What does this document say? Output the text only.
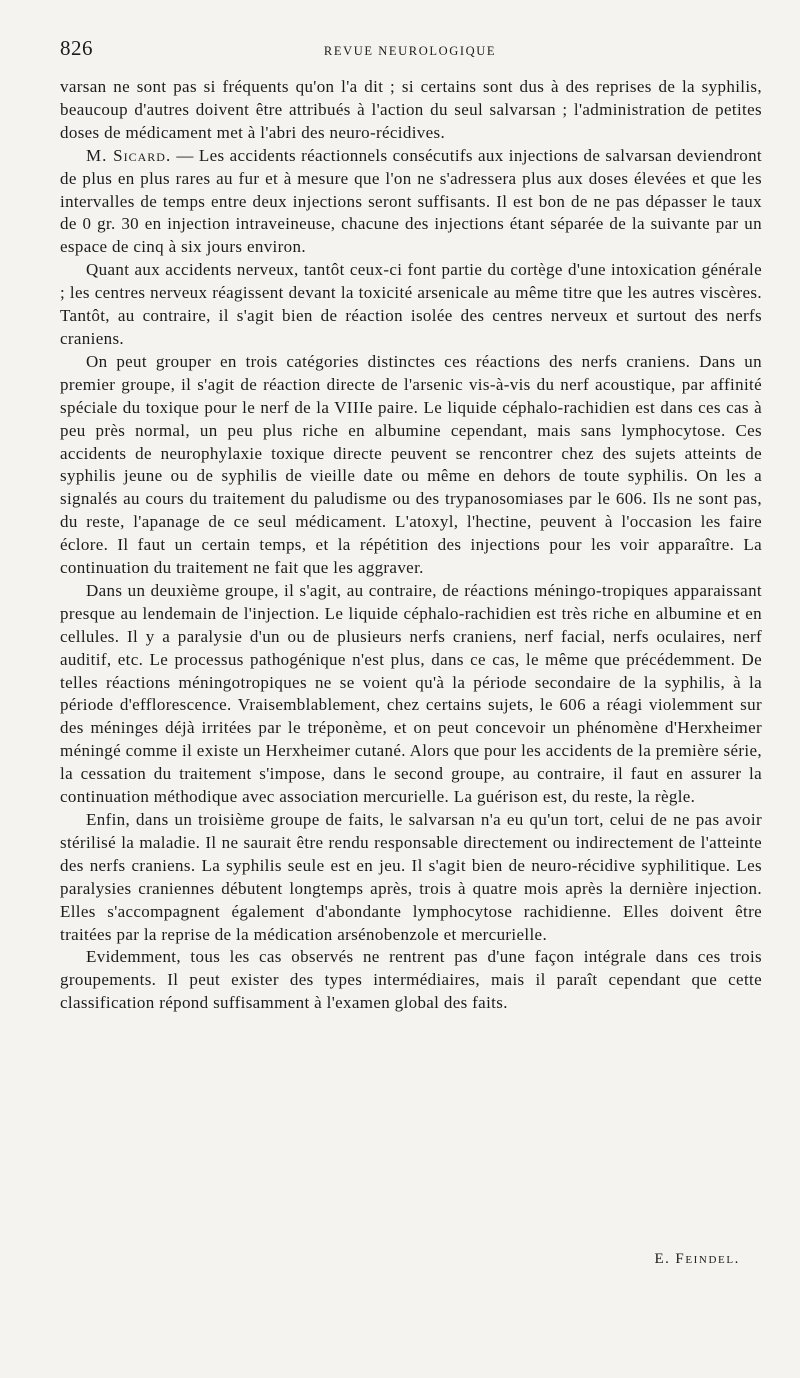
826	REVUE NEUROLOGIQUE

varsan ne sont pas si fréquents qu'on l'a dit ; si certains sont dus à des reprises de la syphilis, beaucoup d'autres doivent être attribués à l'action du seul salvarsan ; l'administration de petites doses de médicament met à l'abri des neuro-récidives.

M. Sicard. — Les accidents réactionnels consécutifs aux injections de salvarsan deviendront de plus en plus rares au fur et à mesure que l'on ne s'adressera plus aux doses élevées et que les intervalles de temps entre deux injections seront suffisants. Il est bon de ne pas dépasser le taux de 0 gr. 30 en injection intraveineuse, chacune des injections étant séparée de la suivante par un espace de cinq à six jours environ.

Quant aux accidents nerveux, tantôt ceux-ci font partie du cortège d'une intoxication générale ; les centres nerveux réagissent devant la toxicité arsenicale au même titre que les autres viscères. Tantôt, au contraire, il s'agit bien de réaction isolée des centres nerveux et surtout des nerfs craniens.

On peut grouper en trois catégories distinctes ces réactions des nerfs craniens. Dans un premier groupe, il s'agit de réaction directe de l'arsenic vis-à-vis du nerf acoustique, par affinité spéciale du toxique pour le nerf de la VIIIe paire. Le liquide céphalo-rachidien est dans ces cas à peu près normal, un peu plus riche en albumine cependant, mais sans lymphocytose. Ces accidents de neurophylaxie toxique directe peuvent se rencontrer chez des sujets atteints de syphilis jeune ou de syphilis de vieille date ou même en dehors de toute syphilis. On les a signalés au cours du traitement du paludisme ou des trypanosomiases par le 606. Ils ne sont pas, du reste, l'apanage de ce seul médicament. L'atoxyl, l'hectine, peuvent à l'occasion les faire éclore. Il faut un certain temps, et la répétition des injections pour les voir apparaître. La continuation du traitement ne fait que les aggraver.

Dans un deuxième groupe, il s'agit, au contraire, de réactions méningo-tropiques apparaissant presque au lendemain de l'injection. Le liquide céphalo-rachidien est très riche en albumine et en cellules. Il y a paralysie d'un ou de plusieurs nerfs craniens, nerf facial, nerfs oculaires, nerf auditif, etc. Le processus pathogénique n'est plus, dans ce cas, le même que précédemment. De telles réactions méningotropiques ne se voient qu'à la période secondaire de la syphilis, à la période d'efflorescence. Vraisemblablement, chez certains sujets, le 606 a réagi violemment sur des méninges déjà irritées par le tréponème, et on peut concevoir un phénomène d'Herxheimer méningé comme il existe un Herxheimer cutané. Alors que pour les accidents de la première série, la cessation du traitement s'impose, dans le second groupe, au contraire, il faut en assurer la continuation méthodique avec association mercurielle. La guérison est, du reste, la règle.

Enfin, dans un troisième groupe de faits, le salvarsan n'a eu qu'un tort, celui de ne pas avoir stérilisé la maladie. Il ne saurait être rendu responsable directement ou indirectement de l'atteinte des nerfs craniens. La syphilis seule est en jeu. Il s'agit bien de neuro-récidive syphilitique. Les paralysies craniennes débutent longtemps après, trois à quatre mois après la dernière injection. Elles s'accompagnent également d'abondante lymphocytose rachidienne. Elles doivent être traitées par la reprise de la médication arsénobenzole et mercurielle.

Evidemment, tous les cas observés ne rentrent pas d'une façon intégrale dans ces trois groupements. Il peut exister des types intermédiaires, mais il paraît cependant que cette classification répond suffisamment à l'examen global des faits.

E. Feindel.
